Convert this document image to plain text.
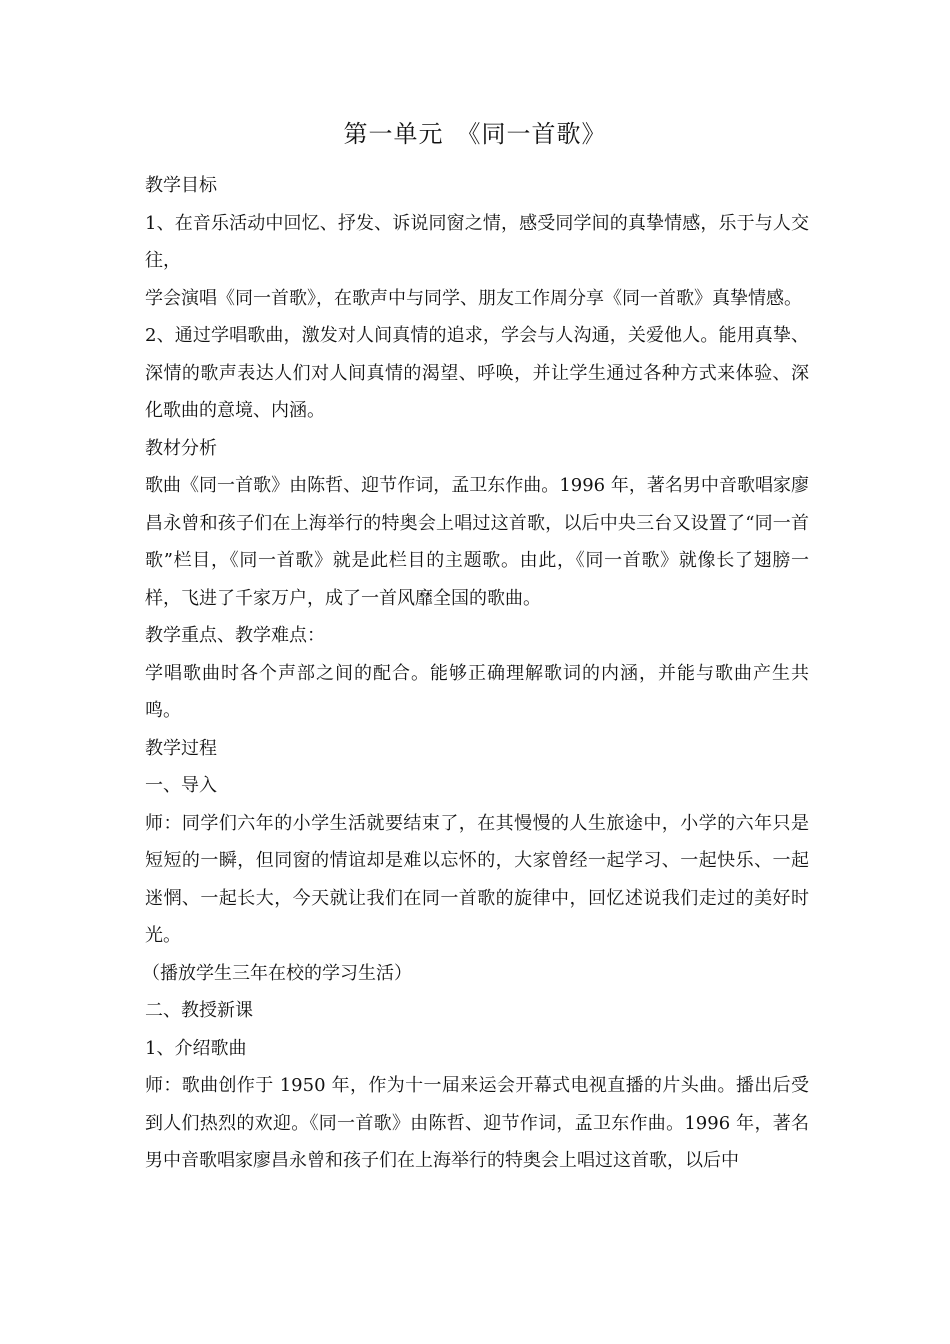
第一单元　《同一首歌》

教学目标

1、在音乐活动中回忆、抒发、诉说同窗之情，感受同学间的真挚情感，乐于与人交往，

学会演唱《同一首歌》，在歌声中与同学、朋友工作周分享《同一首歌》真挚情感。

2、通过学唱歌曲，激发对人间真情的追求，学会与人沟通，关爱他人。能用真挚、深情的歌声表达人们对人间真情的渴望、呼唤，并让学生通过各种方式来体验、深化歌曲的意境、内涵。

教材分析

歌曲《同一首歌》由陈哲、迎节作词，孟卫东作曲。1996 年，著名男中音歌唱家廖昌永曾和孩子们在上海举行的特奥会上唱过这首歌，以后中央三台又设置了“同一首歌”栏目，《同一首歌》就是此栏目的主题歌。由此，《同一首歌》就像长了翅膀一样，飞进了千家万户，成了一首风靡全国的歌曲。

教学重点、教学难点：

学唱歌曲时各个声部之间的配合。能够正确理解歌词的内涵，并能与歌曲产生共鸣。

教学过程

一、导入

师：同学们六年的小学生活就要结束了，在其慢慢的人生旅途中，小学的六年只是短短的一瞬，但同窗的情谊却是难以忘怀的，大家曾经一起学习、一起快乐、一起迷惘、一起长大，今天就让我们在同一首歌的旋律中，回忆述说我们走过的美好时光。

（播放学生三年在校的学习生活）

二、教授新课

1、介绍歌曲

师：歌曲创作于 1950 年，作为十一届来运会开幕式电视直播的片头曲。播出后受到人们热烈的欢迎。《同一首歌》由陈哲、迎节作词，孟卫东作曲。1996 年，著名男中音歌唱家廖昌永曾和孩子们在上海举行的特奥会上唱过这首歌，以后中
